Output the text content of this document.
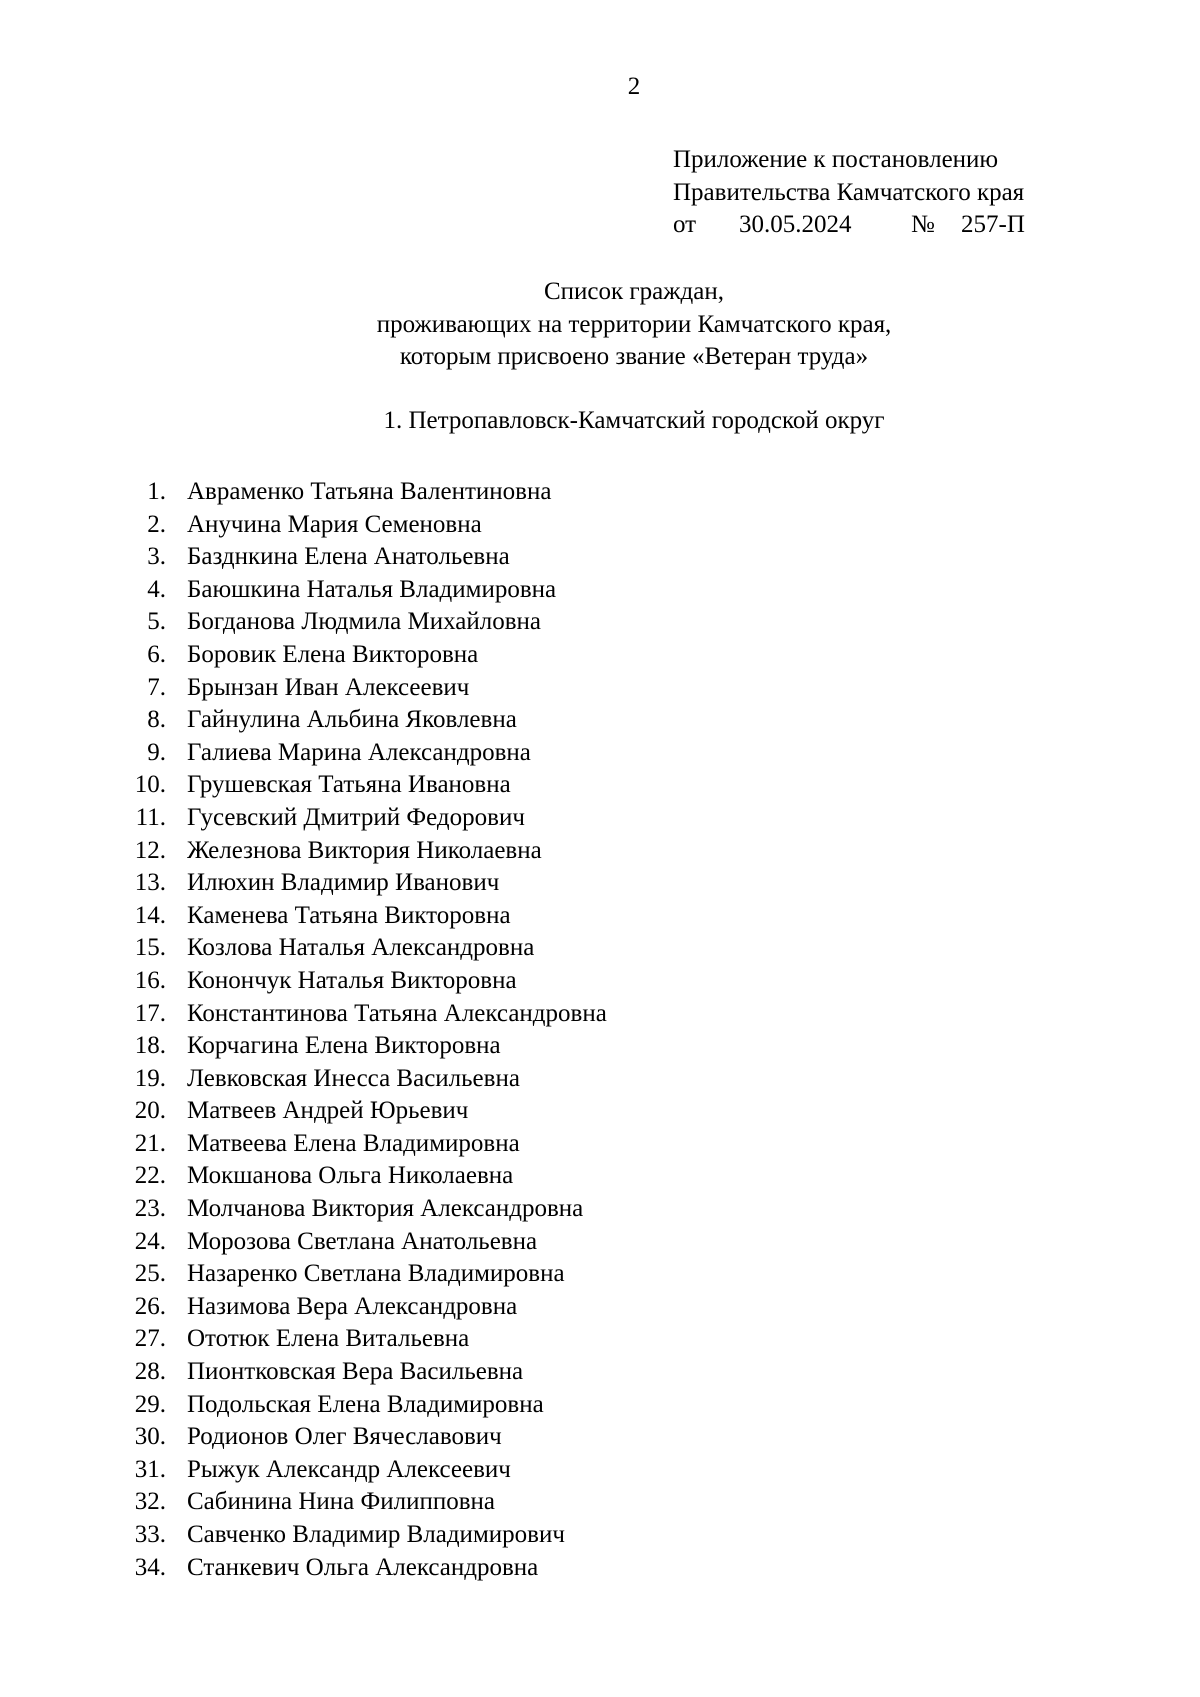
2
Приложение к постановлению
Правительства Камчатского края
от 30.05.2024 № 257-П
Список граждан,
проживающих на территории Камчатского края,
которым присвоено звание «Ветеран труда»
1. Петропавловск-Камчатский городской округ
1. Авраменко Татьяна Валентиновна
2. Анучина Мария Семеновна
3. Базднкина Елена Анатольевна
4. Баюшкина Наталья Владимировна
5. Богданова Людмила Михайловна
6. Боровик Елена Викторовна
7. Брынзан Иван Алексеевич
8. Гайнулина Альбина Яковлевна
9. Галиева Марина Александровна
10. Грушевская Татьяна Ивановна
11. Гусевский Дмитрий Федорович
12. Железнова Виктория Николаевна
13. Илюхин Владимир Иванович
14. Каменева Татьяна Викторовна
15. Козлова Наталья Александровна
16. Конончук Наталья Викторовна
17. Константинова Татьяна Александровна
18. Корчагина Елена Викторовна
19. Левковская Инесса Васильевна
20. Матвеев Андрей Юрьевич
21. Матвеева Елена Владимировна
22. Мокшанова Ольга Николаевна
23. Молчанова Виктория Александровна
24. Морозова Светлана Анатольевна
25. Назаренко Светлана Владимировна
26. Назимова Вера Александровна
27. Ототюк Елена Витальевна
28. Пионтковская Вера Васильевна
29. Подольская Елена Владимировна
30. Родионов Олег Вячеславович
31. Рыжук Александр Алексеевич
32. Сабинина Нина Филипповна
33. Савченко Владимир Владимирович
34. Станкевич Ольга Александровна
